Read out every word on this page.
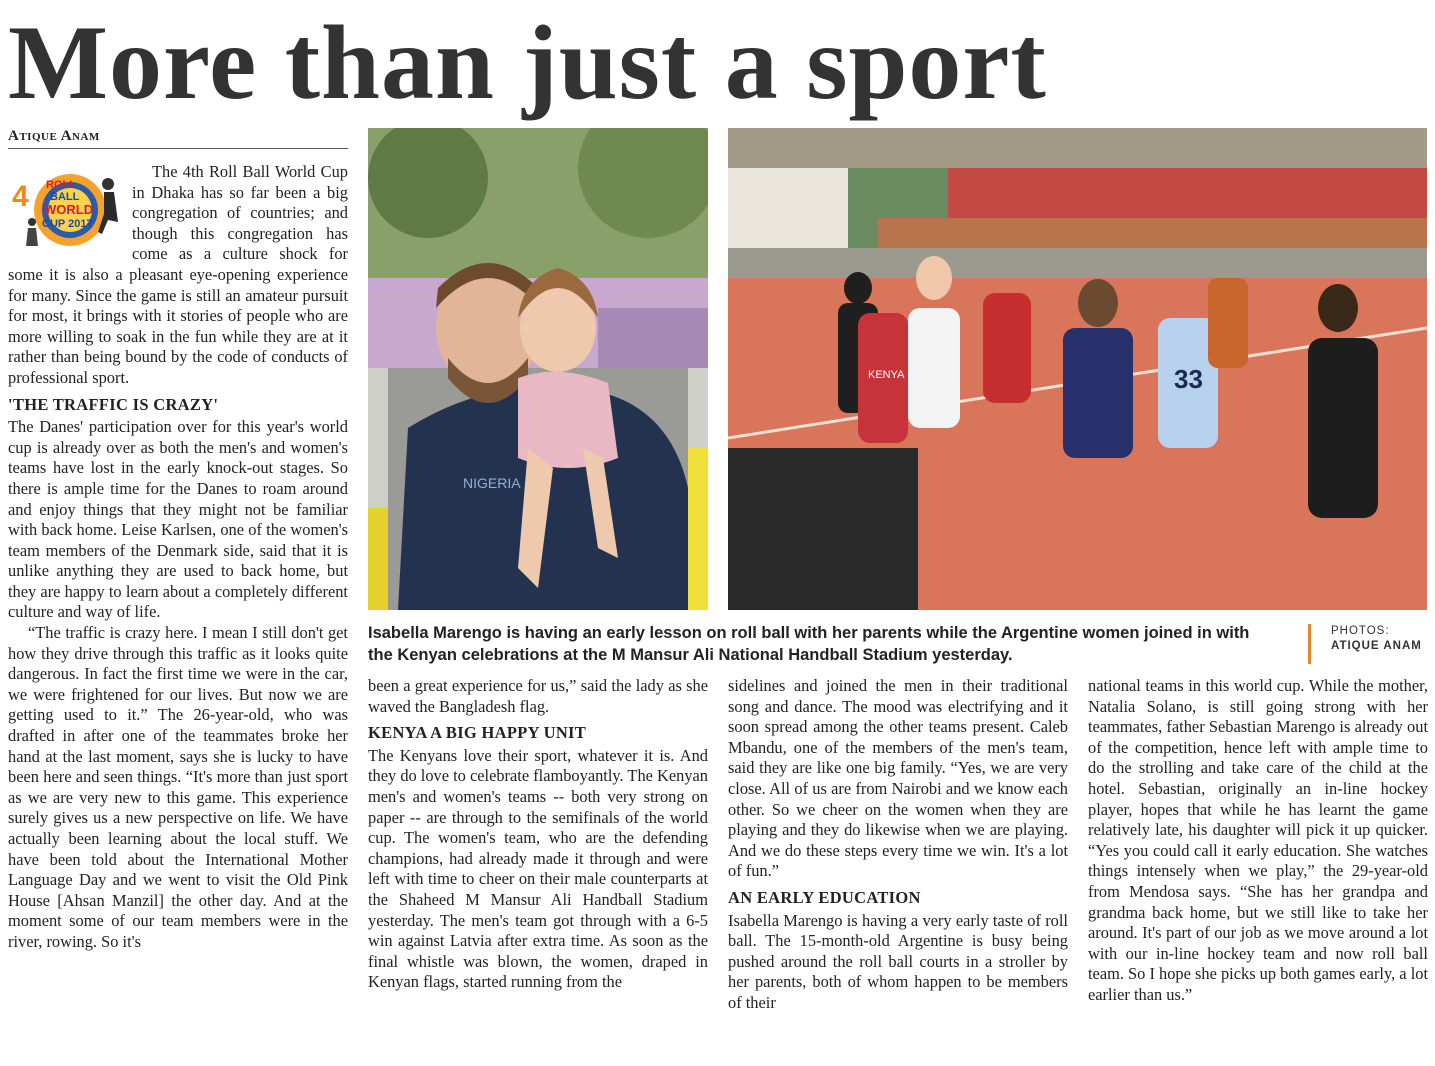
More than just a sport
Atique Anam
4 ROLL
BALL
WORLD
CUP 2017

The 4th Roll Ball World Cup in Dhaka has so far been a big congregation of countries; and though this congregation has come as a culture shock for some it is also a pleasant eye-opening experience for many. Since the game is still an amateur pursuit for most, it brings with it stories of people who are more willing to soak in the fun while they are at it rather than being bound by the code of conducts of professional sport.

'THE TRAFFIC IS CRAZY'

The Danes' participation over for this year's world cup is already over as both the men's and women's teams have lost in the early knock-out stages. So there is ample time for the Danes to roam around and enjoy things that they might not be familiar with back home. Leise Karlsen, one of the women's team members of the Denmark side, said that it is unlike anything they are used to back home, but they are happy to learn about a completely different culture and way of life.

“The traffic is crazy here. I mean I still don't get how they drive through this traffic as it looks quite dangerous. In fact the first time we were in the car, we were frightened for our lives. But now we are getting used to it.” The 26-year-old, who was drafted in after one of the teammates broke her hand at the last moment, says she is lucky to have been here and seen things. “It's more than just sport as we are very new to this game. This experience surely gives us a new perspective on life. We have actually been learning about the local stuff. We have been told about the International Mother Language Day and we went to visit the Old Pink House [Ahsan Manzil] the other day. And at the moment some of our team members were in the river, rowing. So it's

NIGERIA
33
KENYA
Isabella Marengo is having an early lesson on roll ball with her parents while the Argentine women joined in with the Kenyan celebrations at the M Mansur Ali National Handball Stadium yesterday.
PHOTOS:
ATIQUE ANAM

been a great experience for us,” said the lady as she waved the Bangladesh flag.

KENYA A BIG HAPPY UNIT

The Kenyans love their sport, whatever it is. And they do love to celebrate flamboyantly. The Kenyan men's and women's teams -- both very strong on paper -- are through to the semifinals of the world cup. The women's team, who are the defending champions, had already made it through and were left with time to cheer on their male counterparts at the Shaheed M Mansur Ali Handball Stadium yesterday. The men's team got through with a 6-5 win against Latvia after extra time. As soon as the final whistle was blown, the women, draped in Kenyan flags, started running from the

sidelines and joined the men in their traditional song and dance. The mood was electrifying and it soon spread among the other teams present. Caleb Mbandu, one of the members of the men's team, said they are like one big family. “Yes, we are very close. All of us are from Nairobi and we know each other. So we cheer on the women when they are playing and they do likewise when we are playing. And we do these steps every time we win. It's a lot of fun.”

AN EARLY EDUCATION

Isabella Marengo is having a very early taste of roll ball. The 15-month-old Argentine is busy being pushed around the roll ball courts in a stroller by her parents, both of whom happen to be members of their

national teams in this world cup. While the mother, Natalia Solano, is still going strong with her teammates, father Sebastian Marengo is already out of the competition, hence left with ample time to do the strolling and take care of the child at the hotel. Sebastian, originally an in-line hockey player, hopes that while he has learnt the game relatively late, his daughter will pick it up quicker. “Yes you could call it early education. She watches things intensely when we play,” the 29-year-old from Mendosa says. “She has her grandpa and grandma back home, but we still like to take her around. It's part of our job as we move around a lot with our in-line hockey team and now roll ball team. So I hope she picks up both games early, a lot earlier than us.”
